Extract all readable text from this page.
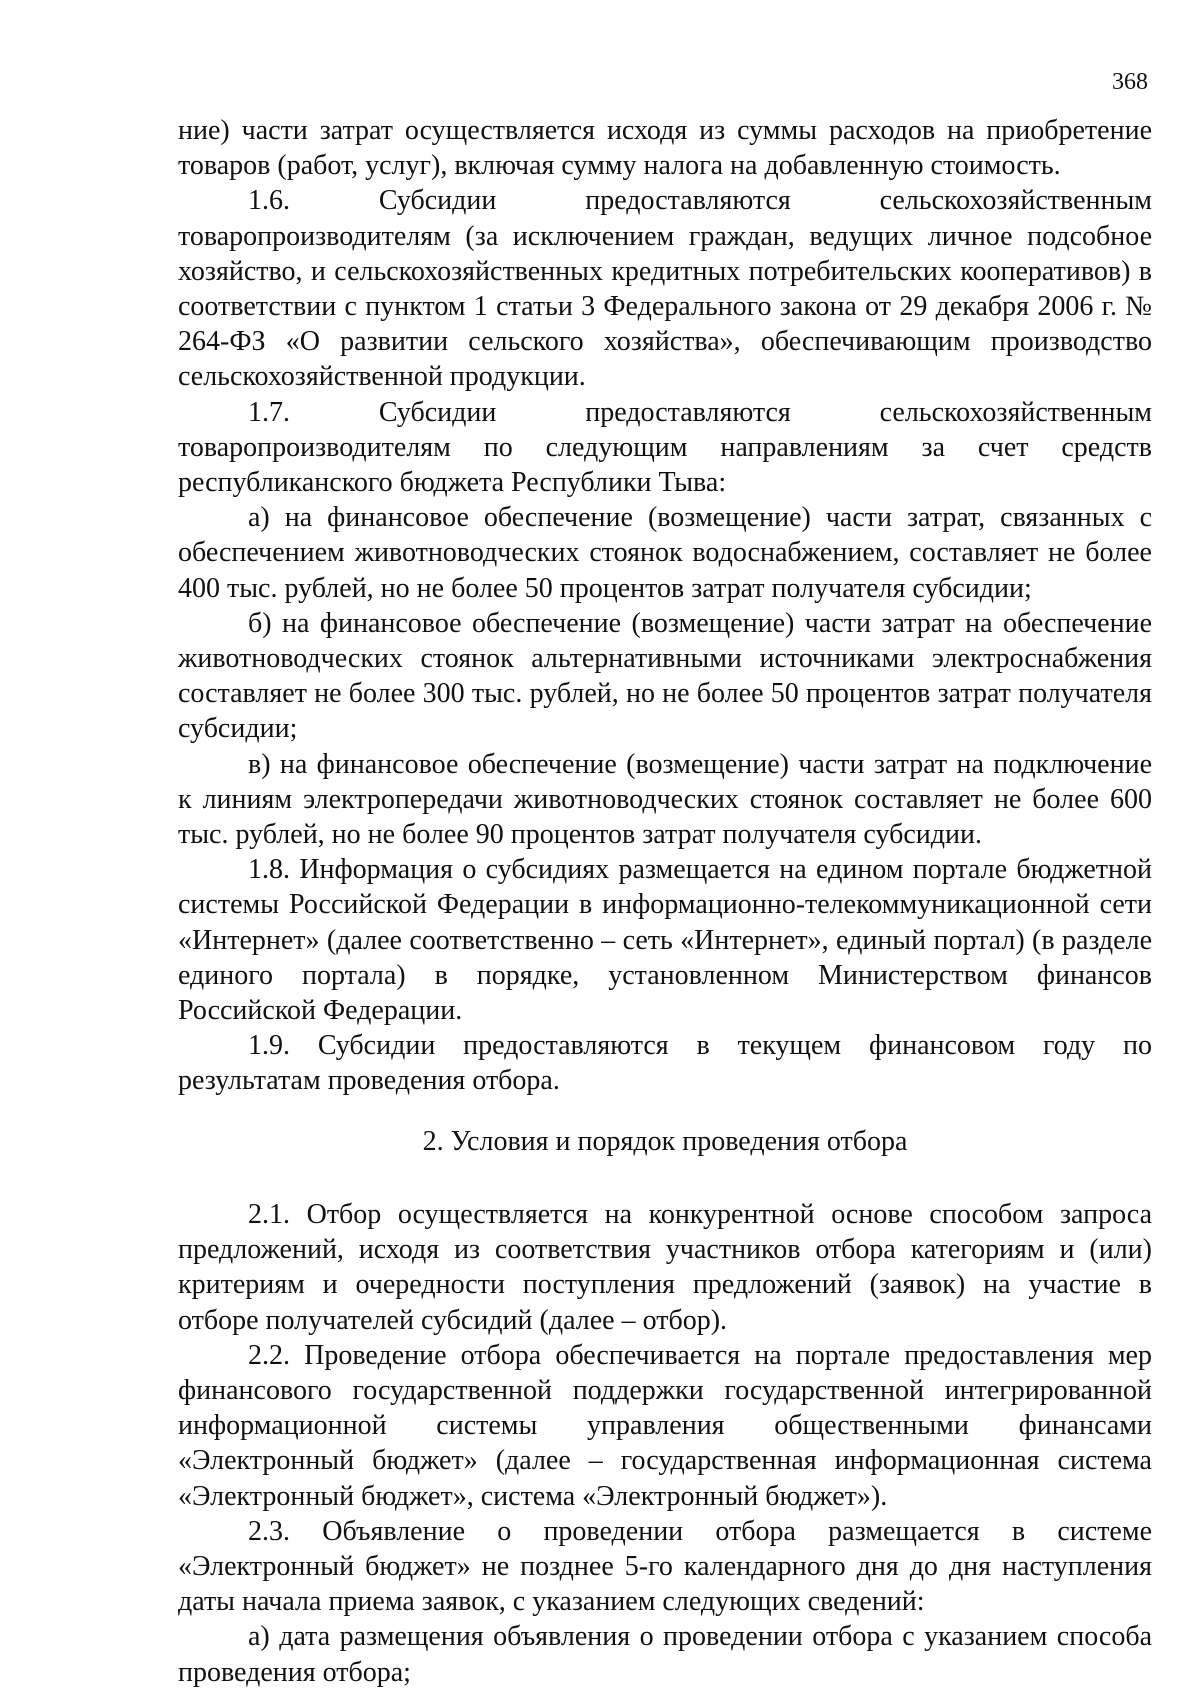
368

ние) части затрат осуществляется исходя из суммы расходов на приобретение товаров (работ, услуг), включая сумму налога на добавленную стоимость.

1.6. Субсидии предоставляются сельскохозяйственным товаропроизводителям (за исключением граждан, ведущих личное подсобное хозяйство, и сельскохозяйственных кредитных потребительских кооперативов) в соответствии с пунктом 1 статьи 3 Федерального закона от 29 декабря 2006 г. № 264-ФЗ «О развитии сельского хозяйства», обеспечивающим производство сельскохозяйственной продукции.

1.7. Субсидии предоставляются сельскохозяйственным товаропроизводителям по следующим направлениям за счет средств республиканского бюджета Республики Тыва:

а) на финансовое обеспечение (возмещение) части затрат, связанных с обеспечением животноводческих стоянок водоснабжением, составляет не более 400 тыс. рублей, но не более 50 процентов затрат получателя субсидии;

б) на финансовое обеспечение (возмещение) части затрат на обеспечение животноводческих стоянок альтернативными источниками электроснабжения составляет не более 300 тыс. рублей, но не более 50 процентов затрат получателя субсидии;

в) на финансовое обеспечение (возмещение) части затрат на подключение к линиям электропередачи животноводческих стоянок составляет не более 600 тыс. рублей, но не более 90 процентов затрат получателя субсидии.

1.8. Информация о субсидиях размещается на едином портале бюджетной системы Российской Федерации в информационно-телекоммуникационной сети «Интернет» (далее соответственно – сеть «Интернет», единый портал) (в разделе единого портала) в порядке, установленном Министерством финансов Российской Федерации.

1.9. Субсидии предоставляются в текущем финансовом году по результатам проведения отбора.

2. Условия и порядок проведения отбора

2.1. Отбор осуществляется на конкурентной основе способом запроса предложений, исходя из соответствия участников отбора категориям и (или) критериям и очередности поступления предложений (заявок) на участие в отборе получателей субсидий (далее – отбор).

2.2. Проведение отбора обеспечивается на портале предоставления мер финансового государственной поддержки государственной интегрированной информационной системы управления общественными финансами «Электронный бюджет» (далее – государственная информационная система «Электронный бюджет», система «Электронный бюджет»).

2.3. Объявление о проведении отбора размещается в системе «Электронный бюджет» не позднее 5-го календарного дня до дня наступления даты начала приема заявок, с указанием следующих сведений:

а) дата размещения объявления о проведении отбора с указанием способа проведения отбора;
